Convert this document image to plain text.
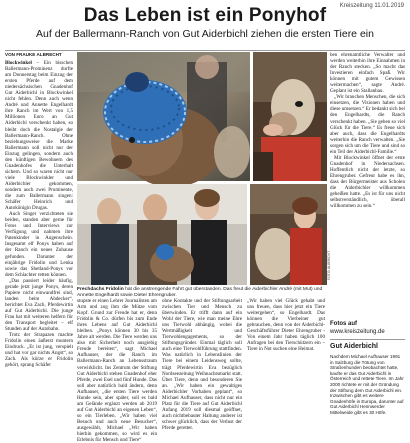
Kreiszeitung 11.01.2019
Das Leben ist ein Ponyhof
Auf der Ballermann-Ranch von Gut Aiderbichl ziehen die ersten Tiere ein
VON FRAUKE ALBRECHT

Blockwinkel – Ein bisschen Ballermann-Prominenz durfte am Donnerstag beim Einzug der ersten Pferde auf dem niedersächsischen Gnadenhof Gut Aiderbichl in Blockwinkel nicht fehlen. Denn auch wenn André und Annette Engelhardt ihre Ranch im Wert von 1,5 Millionen Euro an Gut Aiderbichl verschenkt haben, so bleibt doch die Nostalgie der Ballermann-Ranch. Ohne beziehungsweise die Marke Ballermann soll nicht nur der Einzug gelingen, sondern auch den künftigen Bewohnern des Gnadenhofes die Unterhalt sichern. Und so waren nicht nur viele Blockwinkler und Aiderbichler gekommen, sondern auch zwei Prominente, die zum Ballermann singen: Schäfer Heinrich und Autokönigin Drugas.

Auch Singer verzichteten sie beiden, standen aber gerne für Fotos und Interviews zur Verfügung und nahmen ihre Patenkinder in Augenschein. Insgesamt elf Ponys haben auf der Ranch ein neues Zuhause gefunden. Darunter der einjährige Fridolin und Lenka sowie das Shetland-Ponys vor dem Schlachter retten können.

„Das passiert leider häufig, gerade jetzt junge Ponys, deren Papiere nicht einwandfrei sind, landen beim Abdecker“, berichtet Eva Zach, Pferdewirtin auf Gut Aiderbichl. Die junge Frau hat mit weiteren helfern für den Transport begleitet – elf Stunden auf der Autobahn.

Trotz der Strapazen machte Fridolin einen äußerst muntern Eindruck. „Er ist jung, verspielt und hat vor gar nichts Angst“, so Zach. Als kürze er Fridolin gehört, sprang Schäfer

stupste er einen Lehrer Journalisten am Arm und zog ihm die Mütze vom Kopf. Grund zur Freude hat er, denn Fridolin & Co. dürfen bis zum Ende ihres Lebens auf Gut Aiderbichl bleiben. „Ponys können 30 bis 35 Jahre alt werden. Die Tiere werden uns also mit Sicherheit noch ausgiebig Freude bereiten“, sagt Michael Aufhauser, der die Ranch im Ballermann-Ranch an Lebensstraum verwirklicht. Ins Zentrum der Stiftung Gut Aiderbichl stehen Gnadenhof eher Pferde, zwei Esel und fünf Hunde. Das soll aber natürlich bald ändern, denn Aufhauser, „die ersten Tiere werden Hunde sein, aber später, soll es bald am Gelände ergänzt werden ab 2019 auf Gut Aiderbichl an eigenen Leben“, so ein Tierleben. „Wir haben viel Besuch und auch neue Besucher“, ausgewählt, Michael „Wir haben hierhin gekommen, so wird es ein Erlebnis für Mensch und Tiere“

Frechdachs Fridolin hat die anstrengende Fahrt gut überstanden. Das freut die Aiderbichler André (mit Mut) und Annette Engelhardt sowie Dieter Ehrengruber.
FOTO: ALBRECHT

ohne Kontakte und der Stiftungsarbeit zwischen Tier und Mensch zu überwinden. Er trifft dann auf ein Wohl der Tiere, wie man meine Ehre uns Tierwohl abhängig, wobei die Wertmäßigkeit und Tierwohlengagements, so der Stiftungsgründer. Einmal täglich soll auch eine Tierwohlführung stattfinden. Was natürlich in Lebenslinien der Tiere bei einem Leidensweg sollte, trägt Pferdewirtin Eva bezüglich Nordseezeitung Weihnachtsmarkt statt. Über Tiere, denn und besonderen Sie an. „Wir haben ein gewaltiges Aiderbichler Vorhaben geplant“, so Michael Aufhauser, dass nicht nur ein Platz für die Tiere auf Gut Aiderbichl Anfang 2019 soll diesmal geöffnet, auch nichtbebauter Haltung anderer ist schwer glücklich, dass der Verlust der Pferde gerettet.

„Wir haben viel Glück gehabt und uns freuen, dass hier jetzt ein Tiere weitergehen“, so Engelhardt. Das können die Vierbeiner gut gebrauchen, denn von der Aiderbichl-Geschäftsführer Dieter Ehrengruber - Von einem Jahr haben täglich 100 Anfragen bei den Tierschützern ein – Tiere in Not suchen eine Heimat.

ben ehrenamtliche Verwalter und werden weiterhin ihre Einnahmen in der Ranch stecken. „So macht das Investieren einfach Spaß. Wir können mit gutem Gewissen weitermachen“, sagte André. Geplant ist ein Stallanbau.

„Wir brauchen Menschen, die sich einsetzen, die Visionen haben und diese umsetzen.“ Er bedankt sich bei den Engelhardts, die Ranch verschenkt haben. „Sie geben so viel Glück für die Tiere.“ Es freue sich aber auch, dass die Engelhardts weiterhin die Ranch verwalten. „Sie sorgen sich um die Tiere und sind so ein Teil der Aiderbichl-Familie.“

Mit Blockwinkel öffnet der erste Gnadenhof in Niedersachsen. Hoffentlich nicht der letzte, so Ehrengruber. Gefreut habe es ihn, dass der Bürgermeister aus Scholen die Aiderbichler willkommen geheißen hatte. „Es ist für uns nicht selbstverständlich, überall willkommen zu sein.“

Fotos auf
www.kreiszeitung.de
Gut Aiderbichl
Nachdem Michael Aufhauser 1991 in Salzburg die Tötung von Straßenhunden beobachtet hatte, kaufte er das Gut Aiderbichl in Österreich und rettete Tiere. Im Jahr 2000 richtete er mit der Gründung der Stiftung dem Gut Aiderbichl ein. Inzwischen gibt es weitere Gnadenhöfe in Europa, darunter auf Gut Aiderbichl Hennwerder Mittelweide gibt es 30 Höfe.
